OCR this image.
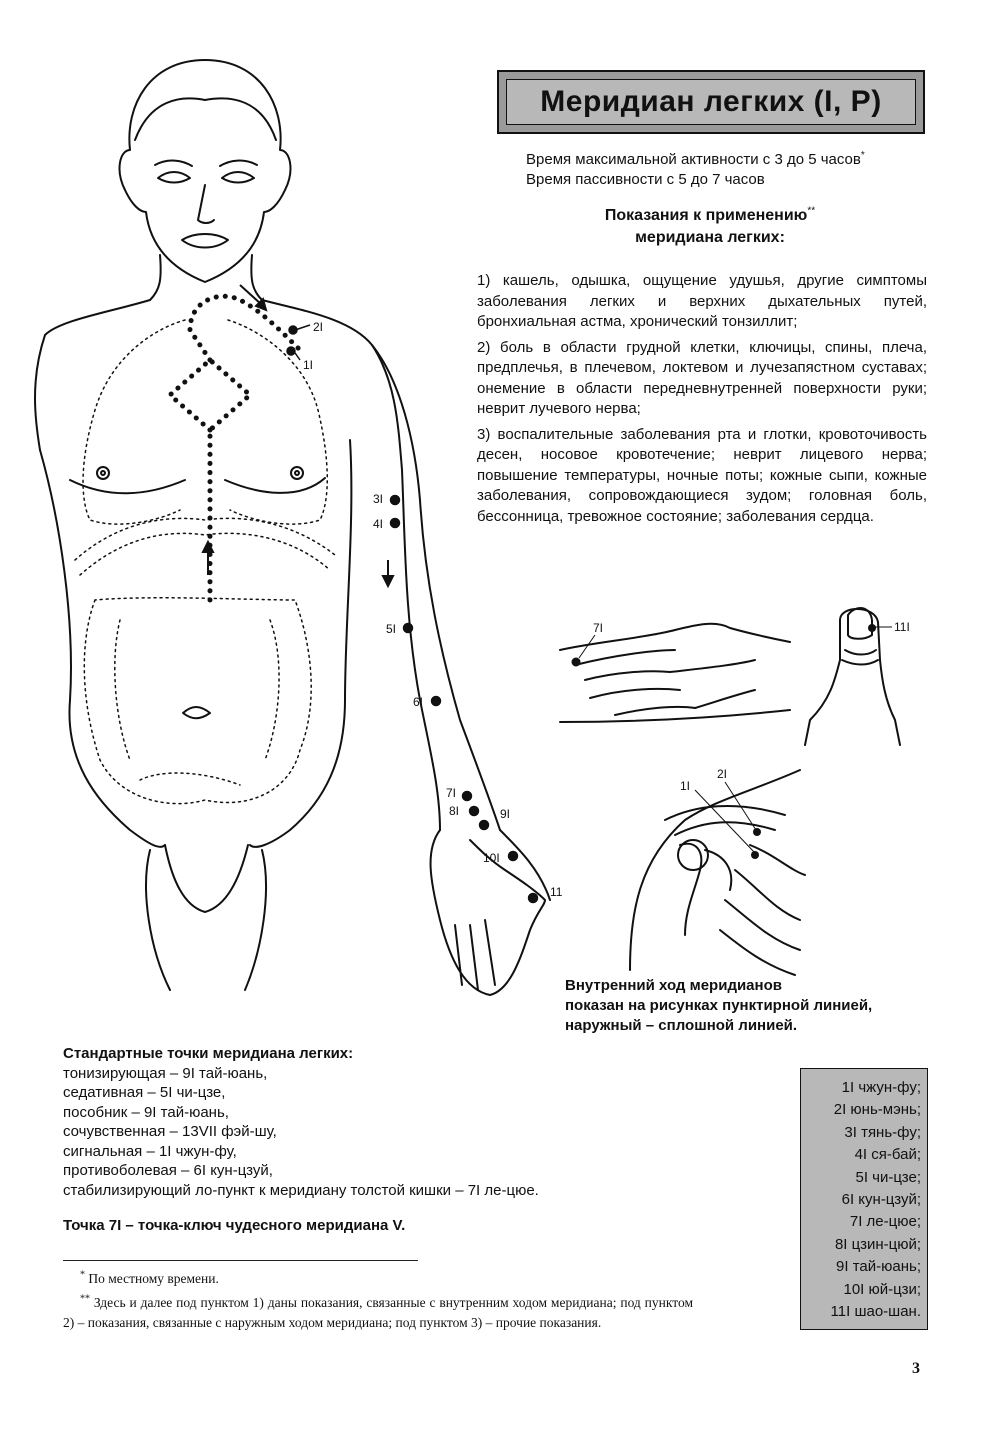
Меридиан легких (I, P)
Время максимальной активности с 3 до 5 часов*
Время пассивности с 5 до 7 часов
Показания к применению**
меридиана легких:

1) кашель, одышка, ощущение удушья, другие симптомы заболевания легких и верхних дыхательных путей, бронхиальная астма, хронический тонзиллит;

2) боль в области грудной клетки, ключицы, спины, плеча, предплечья, в плечевом, локтевом и лучезапястном суставах; онемение в области передневнутренней поверхности руки; неврит лучевого нерва;

3) воспалительные заболевания рта и глотки, кровоточивость десен, носовое кровотечение; неврит лицевого нерва; повышение температуры, ночные поты; кожные сыпи, кожные заболевания, сопровождающиеся зудом; головная боль, бессонница, тревожное состояние; заболевания сердца.

2I
1I
3I
4I
5I
6I
7I
8I	9I
10I
11
7I	11I
1I
2I
Внутренний ход меридианов
показан на рисунках пунктирной линией,
наружный – сплошной линией.
Стандартные точки меридиана легких:
тонизирующая – 9I тай-юань,
седативная – 5I чи-цзе,
пособник – 9I тай-юань,
сочувственная – 13VII фэй-шу,
сигнальная – 1I чжун-фу,
противоболевая – 6I кун-цзуй,
стабилизирующий ло-пункт к меридиану толстой кишки – 7I ле-цюе.
Точка 7I – точка-ключ чудесного меридиана V.
1I чжун-фу;
2I юнь-мэнь;
3I тянь-фу;
4I ся-бай;
5I чи-цзе;
6I кун-цзуй;
7I ле-цюе;
8I цзин-цюй;
9I тай-юань;
10I юй-цзи;
11I шао-шан.
* По местному времени.
** Здесь и далее под пунктом 1) даны показания, связанные с внутренним ходом меридиана; под пунктом 2) – показания, связанные с наружным ходом меридиана; под пунктом 3) – прочие показания.
3
